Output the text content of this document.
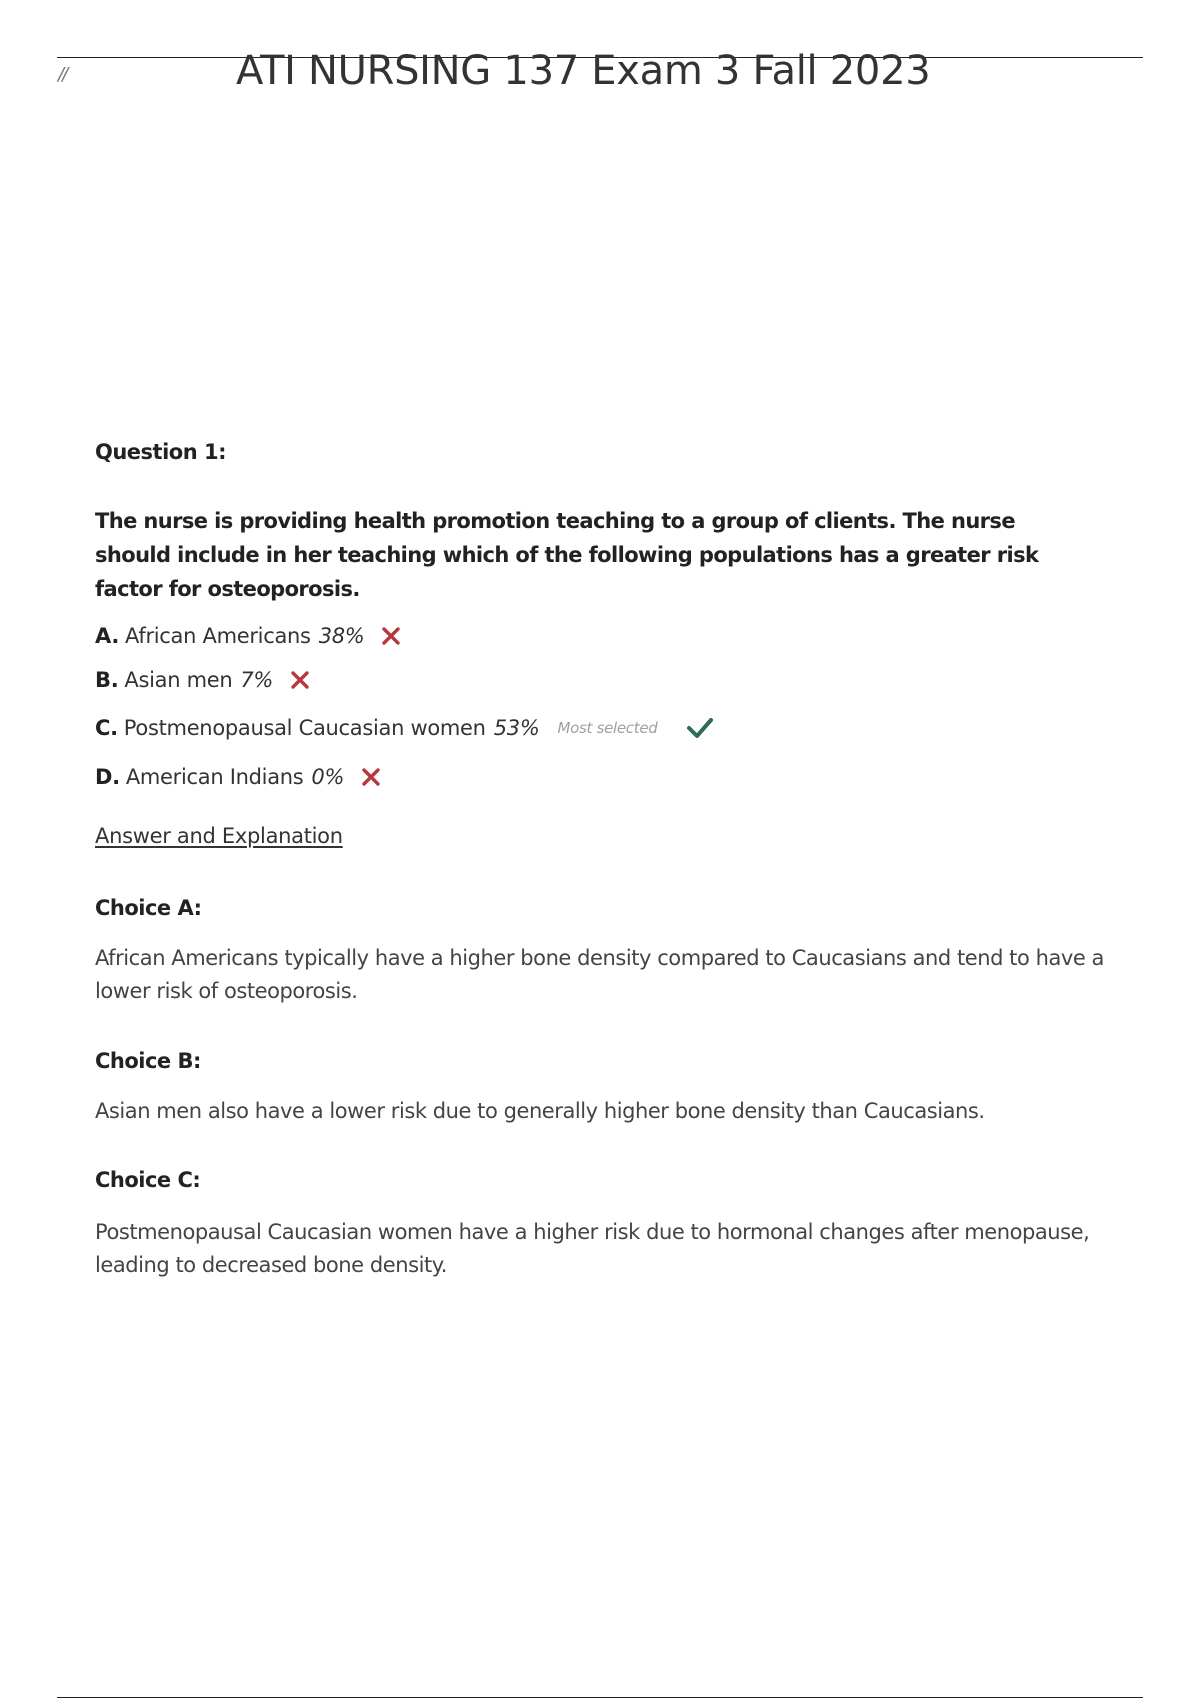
//	ATI NURSING 137 Exam 3 Fall 2023
Question 1:
The nurse is providing health promotion teaching to a group of clients. The nurse should include in her teaching which of the following populations has a greater risk factor for osteoporosis.
A. African Americans 38%
B. Asian men 7%
C. Postmenopausal Caucasian women 53% Most selected
D. American Indians 0%
Answer and Explanation
Choice A:
African Americans typically have a higher bone density compared to Caucasians and tend to have a lower risk of osteoporosis.
Choice B:
Asian men also have a lower risk due to generally higher bone density than Caucasians.
Choice C:
Postmenopausal Caucasian women have a higher risk due to hormonal changes after menopause, leading to decreased bone density.
